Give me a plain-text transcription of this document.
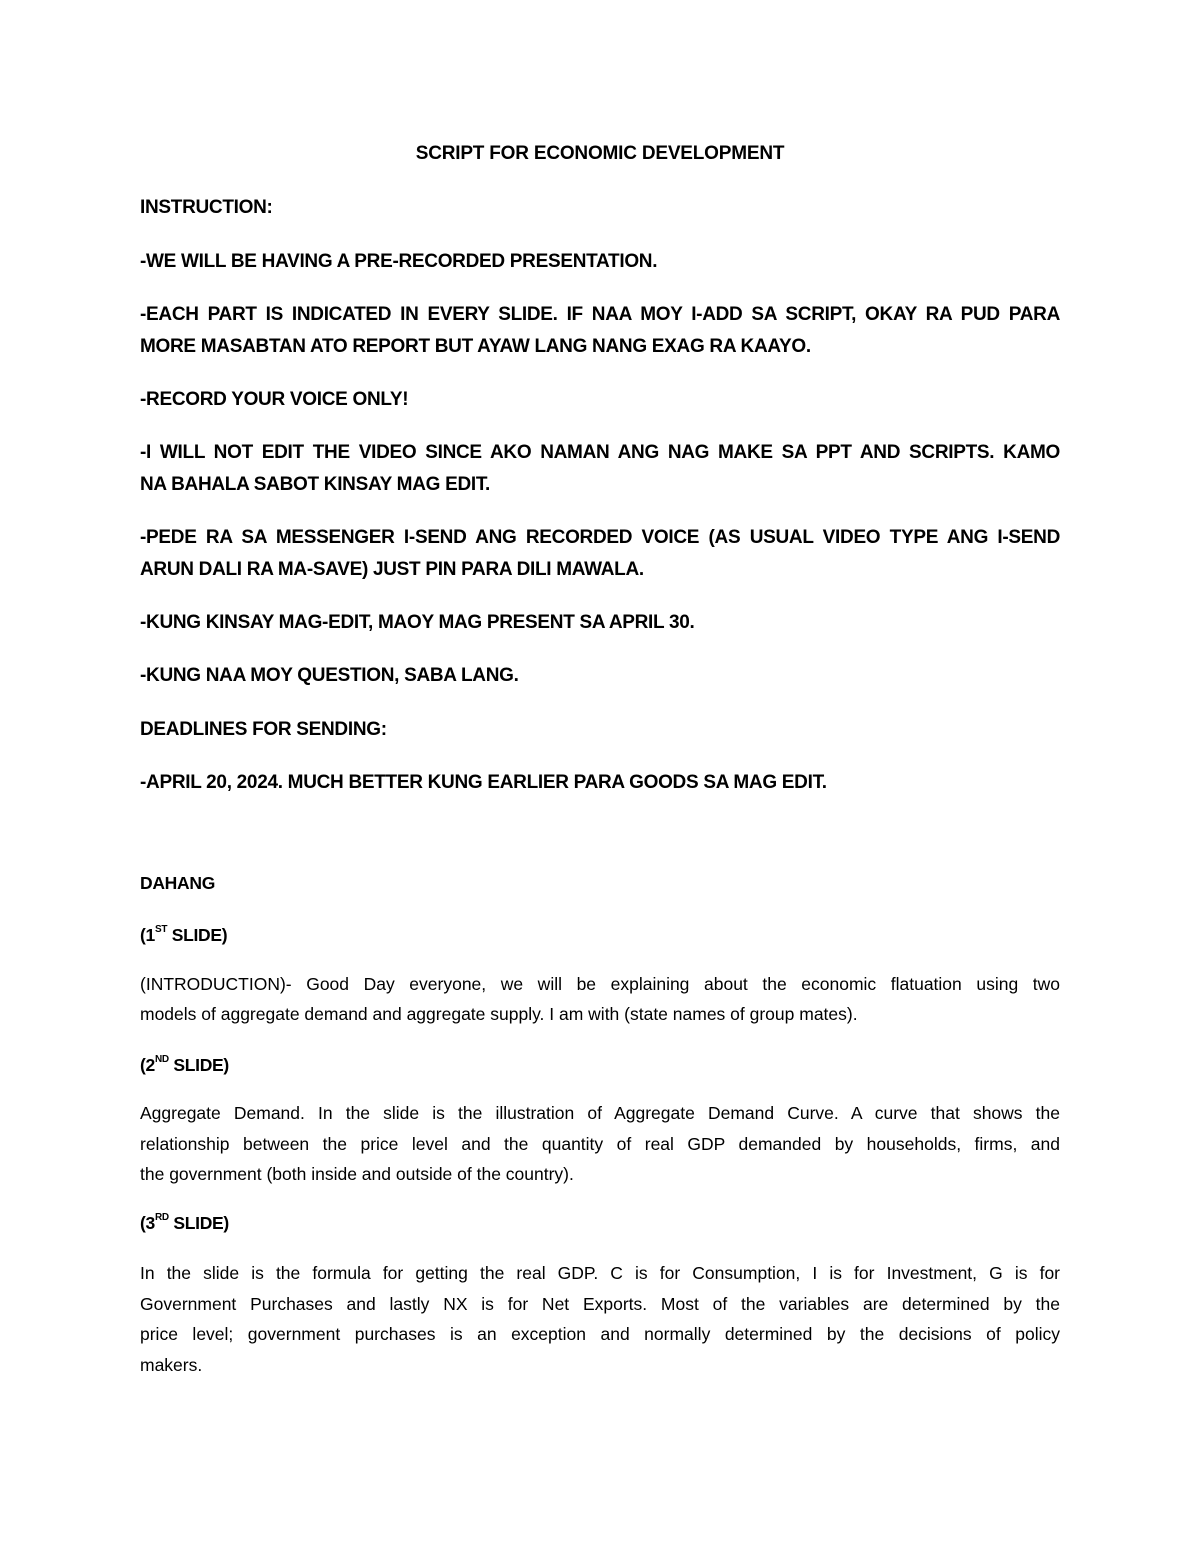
SCRIPT FOR ECONOMIC DEVELOPMENT
INSTRUCTION:
-WE WILL BE HAVING A PRE-RECORDED PRESENTATION.
-EACH PART IS INDICATED IN EVERY SLIDE. IF NAA MOY I-ADD SA SCRIPT, OKAY RA PUD PARA
MORE MASABTAN ATO REPORT BUT AYAW LANG NANG EXAG RA KAAYO.
-RECORD YOUR VOICE ONLY!
-I WILL NOT EDIT THE VIDEO SINCE AKO NAMAN ANG NAG MAKE SA PPT AND SCRIPTS. KAMO
NA BAHALA SABOT KINSAY MAG EDIT.
-PEDE RA SA MESSENGER I-SEND ANG RECORDED VOICE (AS USUAL VIDEO TYPE ANG I-SEND
ARUN DALI RA MA-SAVE) JUST PIN PARA DILI MAWALA.
-KUNG KINSAY MAG-EDIT, MAOY MAG PRESENT SA APRIL 30.
-KUNG NAA MOY QUESTION, SABA LANG.
DEADLINES FOR SENDING:
-APRIL 20, 2024. MUCH BETTER KUNG EARLIER PARA GOODS SA MAG EDIT.
DAHANG
(1ST SLIDE)
(INTRODUCTION)- Good Day everyone, we will be explaining about the economic flatuation using two
models of aggregate demand and aggregate supply. I am with (state names of group mates).
(2ND SLIDE)
Aggregate Demand. In the slide is the illustration of Aggregate Demand Curve. A curve that shows the
relationship between the price level and the quantity of real GDP demanded by households, firms, and
the government (both inside and outside of the country).
(3RD SLIDE)
In the slide is the formula for getting the real GDP. C is for Consumption, I is for Investment, G is for
Government Purchases and lastly NX is for Net Exports. Most of the variables are determined by the
price level; government purchases is an exception and normally determined by the decisions of policy
makers.
